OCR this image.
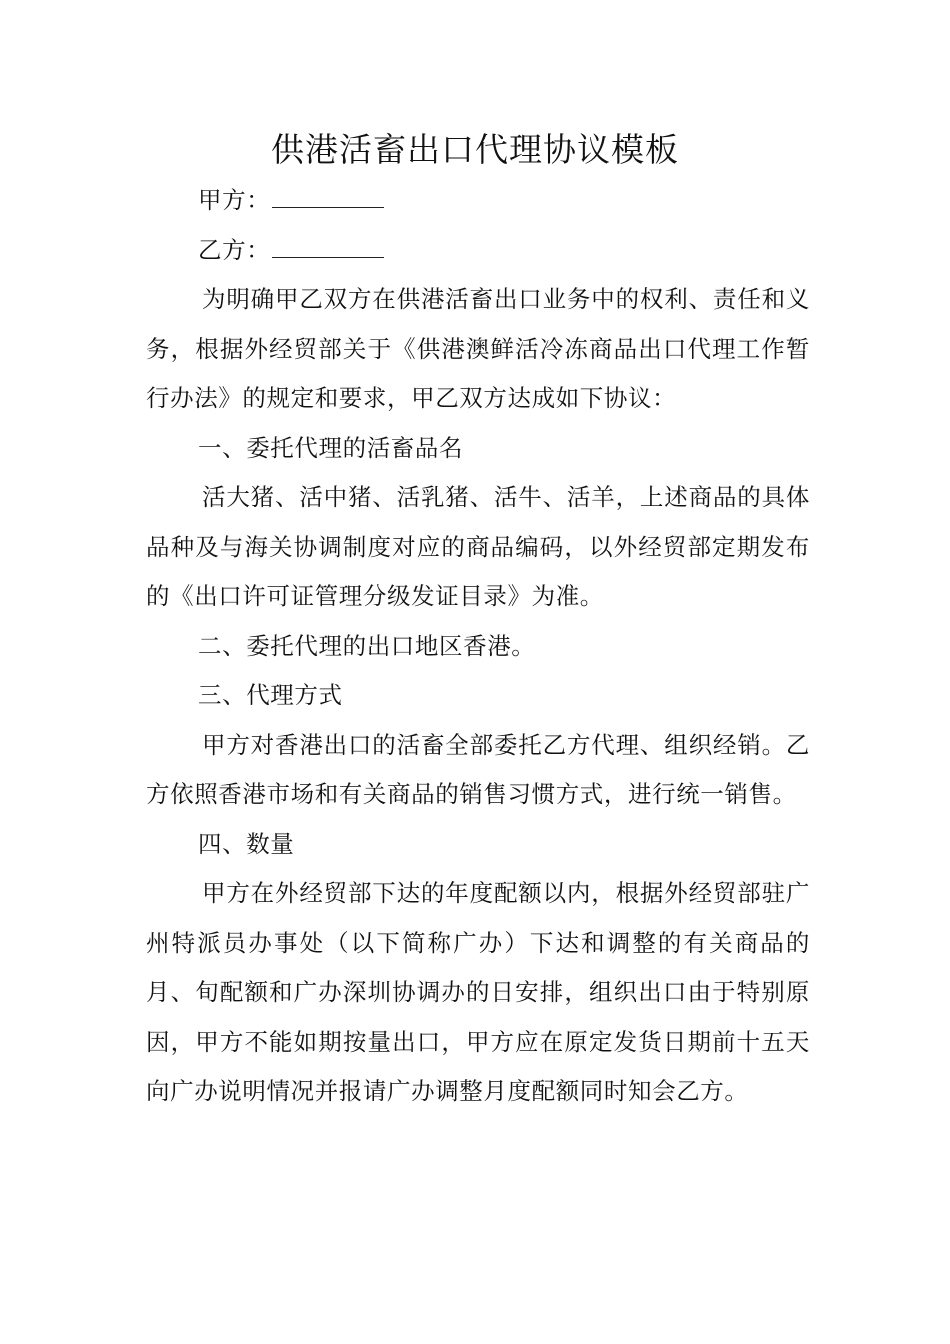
供港活畜出口代理协议模板

甲方：

乙方：

为明确甲乙双方在供港活畜出口业务中的权利、责任和义务，根据外经贸部关于《供港澳鲜活冷冻商品出口代理工作暂行办法》的规定和要求，甲乙双方达成如下协议：

一、委托代理的活畜品名

活大猪、活中猪、活乳猪、活牛、活羊，上述商品的具体品种及与海关协调制度对应的商品编码，以外经贸部定期发布的《出口许可证管理分级发证目录》为准。

二、委托代理的出口地区香港。

三、代理方式

甲方对香港出口的活畜全部委托乙方代理、组织经销。乙方依照香港市场和有关商品的销售习惯方式，进行统一销售。

四、数量

甲方在外经贸部下达的年度配额以内，根据外经贸部驻广州特派员办事处（以下简称广办）下达和调整的有关商品的月、旬配额和广办深圳协调办的日安排，组织出口由于特别原因，甲方不能如期按量出口，甲方应在原定发货日期前十五天向广办说明情况并报请广办调整月度配额同时知会乙方。
